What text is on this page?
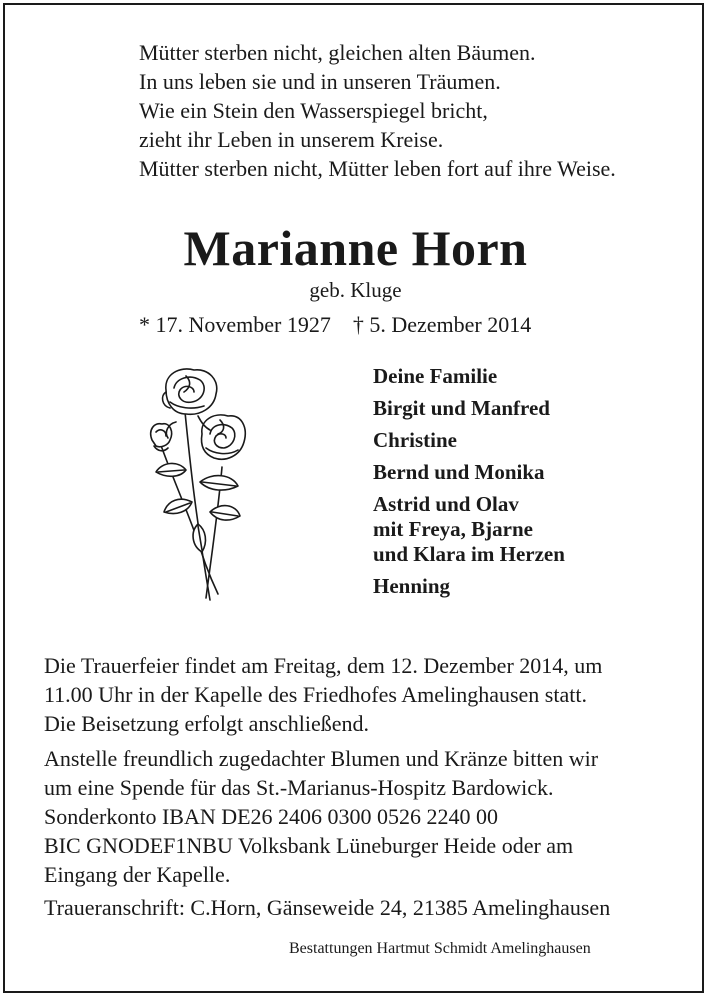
Mütter sterben nicht, gleichen alten Bäumen.
In uns leben sie und in unseren Träumen.
Wie ein Stein den Wasserspiegel bricht,
zieht ihr Leben in unserem Kreise.
Mütter sterben nicht, Mütter leben fort auf ihre Weise.
Marianne Horn
geb. Kluge
* 17. November 1927 † 5. Dezember 2014
Deine Familie
Birgit und Manfred
Christine
Bernd und Monika
Astrid und Olav
mit Freya, Bjarne
und Klara im Herzen
Henning
Die Trauerfeier findet am Freitag, dem 12. Dezember 2014, um
11.00 Uhr in der Kapelle des Friedhofes Amelinghausen statt.
Die Beisetzung erfolgt anschließend.
Anstelle freundlich zugedachter Blumen und Kränze bitten wir
um eine Spende für das St.-Marianus-Hospitz Bardowick.
Sonderkonto IBAN DE26 2406 0300 0526 2240 00
BIC GNODEF1NBU Volksbank Lüneburger Heide oder am
Eingang der Kapelle.
Traueranschrift: C.Horn, Gänseweide 24, 21385 Amelinghausen
Bestattungen Hartmut Schmidt Amelinghausen
